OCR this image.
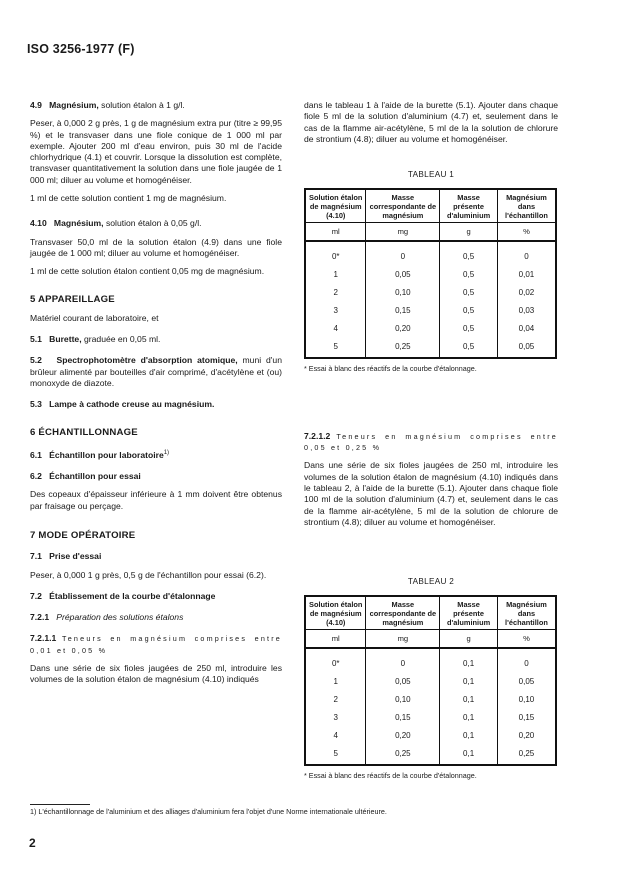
ISO 3256-1977 (F)

4.9 Magnésium, solution étalon à 1 g/l.

Peser, à 0,000 2 g près, 1 g de magnésium extra pur (titre ≥ 99,95 %) et le transvaser dans une fiole conique de 1 000 ml par exemple. Ajouter 200 ml d'eau environ, puis 30 ml de l'acide chlorhydrique (4.1) et couvrir. Lorsque la dissolution est complète, transvaser quantitativement la solution dans une fiole jaugée de 1 000 ml; diluer au volume et homogénéiser.

1 ml de cette solution contient 1 mg de magnésium.

4.10 Magnésium, solution étalon à 0,05 g/l.

Transvaser 50,0 ml de la solution étalon (4.9) dans une fiole jaugée de 1 000 ml; diluer au volume et homogénéiser.

1 ml de cette solution étalon contient 0,05 mg de magnésium.

5 APPAREILLAGE

Matériel courant de laboratoire, et

5.1 Burette, graduée en 0,05 ml.

5.2 Spectrophotomètre d'absorption atomique, muni d'un brûleur alimenté par bouteilles d'air comprimé, d'acétylène et (ou) monoxyde de diazote.

5.3 Lampe à cathode creuse au magnésium.

6 ÉCHANTILLONNAGE

6.1 Échantillon pour laboratoire$^{1)}$

6.2 Échantillon pour essai

Des copeaux d'épaisseur inférieure à 1 mm doivent être obtenus par fraisage ou perçage.

7 MODE OPÉRATOIRE

7.1 Prise d'essai

Peser, à 0,000 1 g près, 0,5 g de l'échantillon pour essai (6.2).

7.2 Établissement de la courbe d'étalonnage

7.2.1 Préparation des solutions étalons

7.2.1.1 Teneurs en magnésium comprises entre 0,01 et 0,05 %

Dans une série de six fioles jaugées de 250 ml, introduire les volumes de la solution étalon de magnésium (4.10) indiqués

dans le tableau 1 à l'aide de la burette (5.1). Ajouter dans chaque fiole 5 ml de la solution d'aluminium (4.7) et, seulement dans le cas de la flamme air-acétylène, 5 ml de la la solution de chlorure de strontium (4.8); diluer au volume et homogénéiser.

TABLEAU 1
Solution étalon de magnésium (4.10)	Masse correspondante de magnésium	Masse présente d'aluminium	Magnésium dans l'échantillon
ml	mg	g	%
0*	0	0,5	0
1	0,05	0,5	0,01
2	0,10	0,5	0,02
3	0,15	0,5	0,03
4	0,20	0,5	0,04
5	0,25	0,5	0,05

* Essai à blanc des réactifs de la courbe d'étalonnage.

7.2.1.2 Teneurs en magnésium comprises entre 0,05 et 0,25 %

Dans une série de six fioles jaugées de 250 ml, introduire les volumes de la solution étalon de magnésium (4.10) indiqués dans le tableau 2, à l'aide de la burette (5.1). Ajouter dans chaque fiole 100 ml de la solution d'aluminium (4.7) et, seulement dans le cas de la flamme air-acétylène, 5 ml de la solution de chlorure de strontium (4.8); diluer au volume et homogénéiser.

TABLEAU 2
Solution étalon de magnésium (4.10)	Masse correspondante de magnésium	Masse présente d'aluminium	Magnésium dans l'échantillon
ml	mg	g	%
0*	0	0,1	0
1	0,05	0,1	0,05
2	0,10	0,1	0,10
3	0,15	0,1	0,15
4	0,20	0,1	0,20
5	0,25	0,1	0,25

* Essai à blanc des réactifs de la courbe d'étalonnage.

1) L'échantillonnage de l'aluminium et des alliages d'aluminium fera l'objet d'une Norme internationale ultérieure.
2
